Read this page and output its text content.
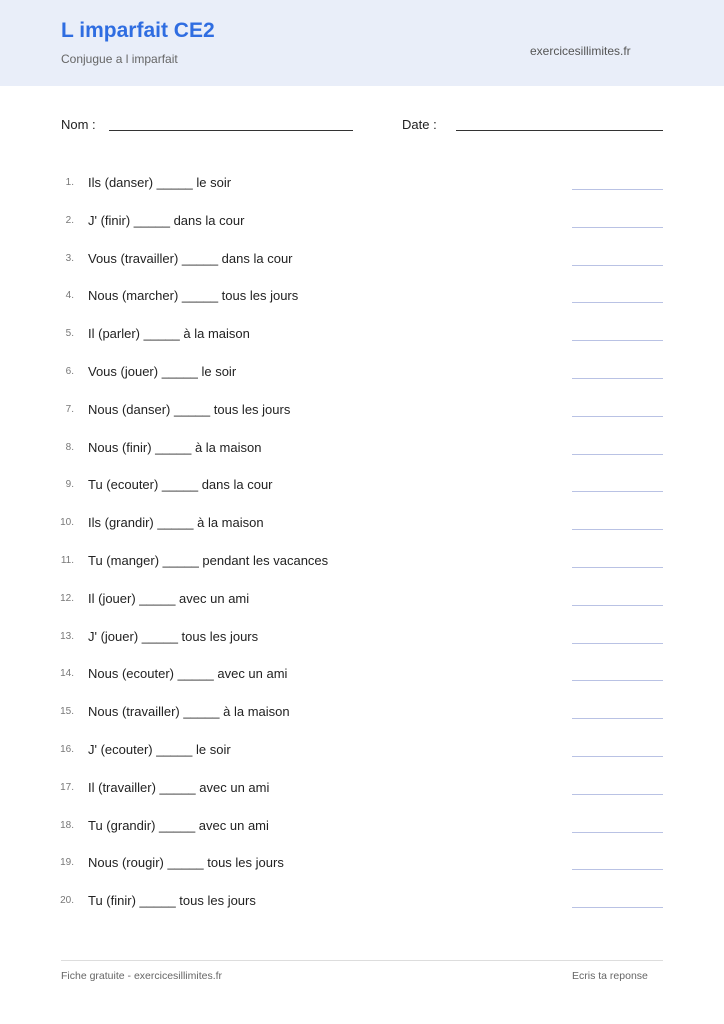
L imparfait CE2
Conjugue a l imparfait
exercicesillimites.fr
Nom :	Date :
1. Ils (danser) _____ le soir
2. J' (finir) _____ dans la cour
3. Vous (travailler) _____ dans la cour
4. Nous (marcher) _____ tous les jours
5. Il (parler) _____ à la maison
6. Vous (jouer) _____ le soir
7. Nous (danser) _____ tous les jours
8. Nous (finir) _____ à la maison
9. Tu (ecouter) _____ dans la cour
10. Ils (grandir) _____ à la maison
11. Tu (manger) _____ pendant les vacances
12. Il (jouer) _____ avec un ami
13. J' (jouer) _____ tous les jours
14. Nous (ecouter) _____ avec un ami
15. Nous (travailler) _____ à la maison
16. J' (ecouter) _____ le soir
17. Il (travailler) _____ avec un ami
18. Tu (grandir) _____ avec un ami
19. Nous (rougir) _____ tous les jours
20. Tu (finir) _____ tous les jours
Fiche gratuite - exercicesillimites.fr	Ecris ta reponse
